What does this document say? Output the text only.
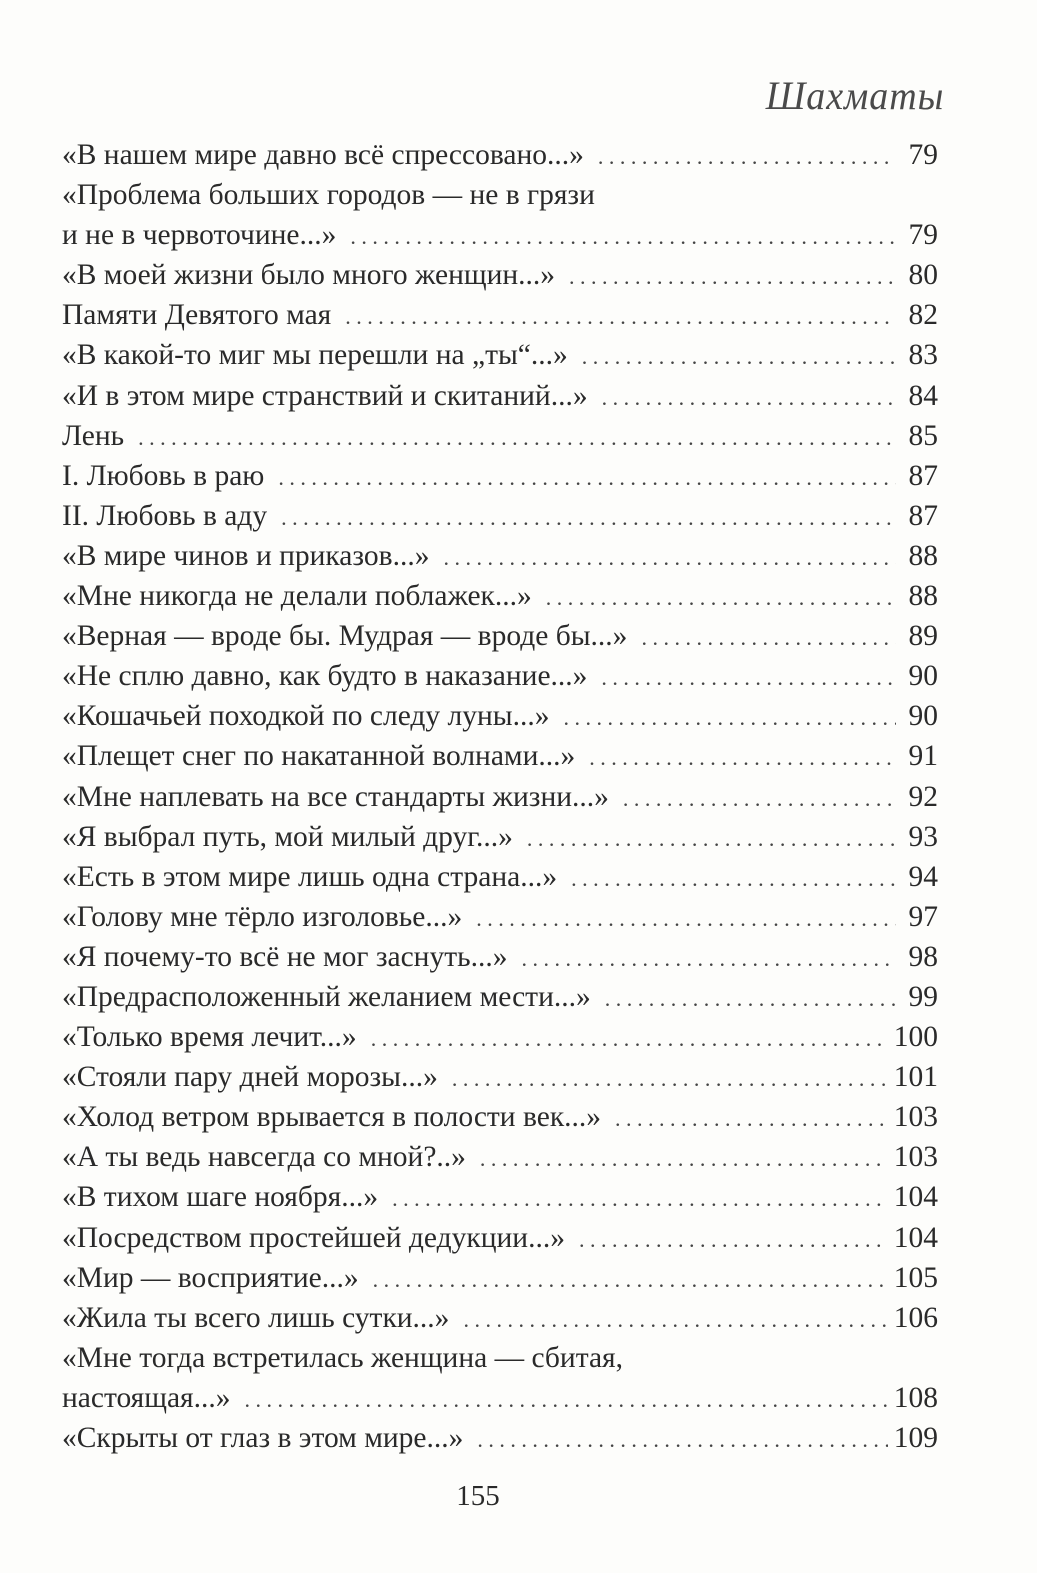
Шахматы
«В нашем мире давно всё спрессовано...» . . .	79
«Проблема больших городов — не в грязи
и не в червоточине...» . . .	79
«В моей жизни было много женщин...» . . .	80
Памяти Девятого мая . . .	82
«В какой-то миг мы перешли на „ты“...» . . .	83
«И в этом мире странствий и скитаний...» . . .	84
Лень . . .	85
I. Любовь в раю . . .	87
II. Любовь в аду . . .	87
«В мире чинов и приказов...» . . .	88
«Мне никогда не делали поблажек...» . . .	88
«Верная — вроде бы. Мудрая — вроде бы...» . . .	89
«Не сплю давно, как будто в наказание...» . . .	90
«Кошачьей походкой по следу луны...» . . .	90
«Плещет снег по накатанной волнами...» . . .	91
«Мне наплевать на все стандарты жизни...» . . .	92
«Я выбрал путь, мой милый друг...» . . .	93
«Есть в этом мире лишь одна страна...» . . .	94
«Голову мне тёрло изголовье...» . . .	97
«Я почему-то всё не мог заснуть...» . . .	98
«Предрасположенный желанием мести...» . . .	99
«Только время лечит...» . . .	100
«Стояли пару дней морозы...» . . .	101
«Холод ветром врывается в полости век...» . . .	103
«А ты ведь навсегда со мной?..» . . .	103
«В тихом шаге ноября...» . . .	104
«Посредством простейшей дедукции...» . . .	104
«Мир — восприятие...» . . .	105
«Жила ты всего лишь сутки...» . . .	106
«Мне тогда встретилась женщина — сбитая,
настоящая...» . . .	108
«Скрыты от глаз в этом мире...» . . .	109
155
